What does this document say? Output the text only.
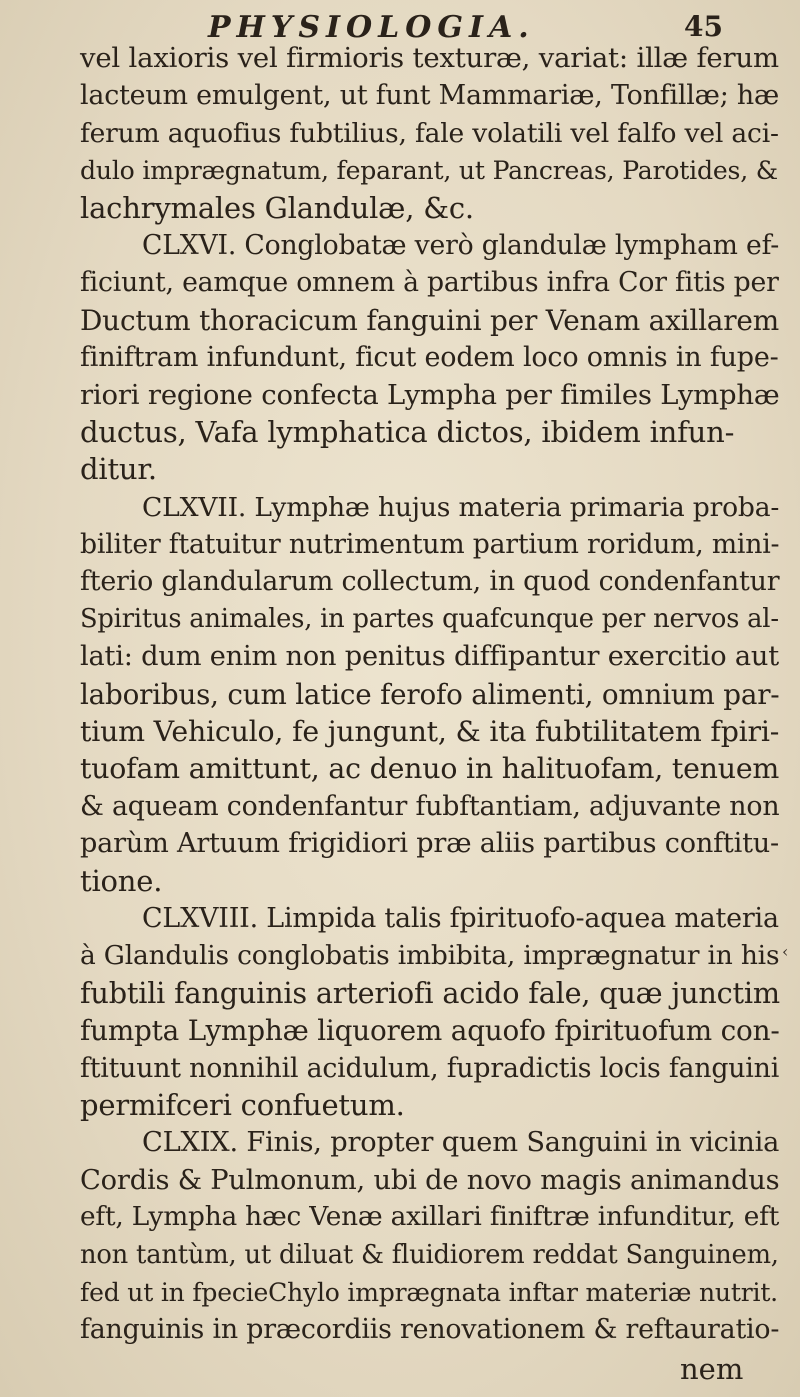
PHYSIOLOGIA.	45
vel laxioris vel firmioris texturæ, variat: illæ ferum
lacteum emulgent, ut funt Mammariæ, Tonfillæ; hæ
ferum aquofius fubtilius, fale volatili vel falfo vel aci-
dulo imprægnatum, feparant, ut Pancreas, Parotides, &
lachrymales Glandulæ, &c.
CLXVI. Conglobatæ verò glandulæ lympham ef-
ficiunt, eamque omnem à partibus infra Cor fitis per
Ductum thoracicum fanguini per Venam axillarem
finiftram infundunt, ficut eodem loco omnis in fupe-
riori regione confecta Lympha per fimiles Lymphæ
ductus, Vafa lymphatica dictos, ibidem infun-
ditur.
CLXVII. Lymphæ hujus materia primaria proba-
biliter ftatuitur nutrimentum partium roridum, mini-
fterio glandularum collectum, in quod condenfantur
Spiritus animales, in partes quafcunque per nervos al-
lati: dum enim non penitus diffipantur exercitio aut
laboribus, cum latice ferofo alimenti, omnium par-
tium Vehiculo, fe jungunt, & ita fubtilitatem fpiri-
tuofam amittunt, ac denuo in halituofam, tenuem
& aqueam condenfantur fubftantiam, adjuvante non
parùm Artuum frigidiori præ aliis partibus conftitu-
tione.
CLXVIII. Limpida talis fpirituofo-aquea materia
à Glandulis conglobatis imbibita, imprægnatur in his
fubtili fanguinis arteriofi acido fale, quæ junctim
fumpta Lymphæ liquorem aquofo fpirituofum con-
ftituunt nonnihil acidulum, fupradictis locis fanguini
permifceri confuetum.
CLXIX. Finis, propter quem Sanguini in vicinia
Cordis & Pulmonum, ubi de novo magis animandus
eft, Lympha hæc Venæ axillari finiftræ infunditur, eft
non tantùm, ut diluat & fluidiorem reddat Sanguinem,
fed ut in fpecieChylo imprægnata inftar materiæ nutrit.
fanguinis in præcordiis renovationem & reftauratio-
‹
nem
